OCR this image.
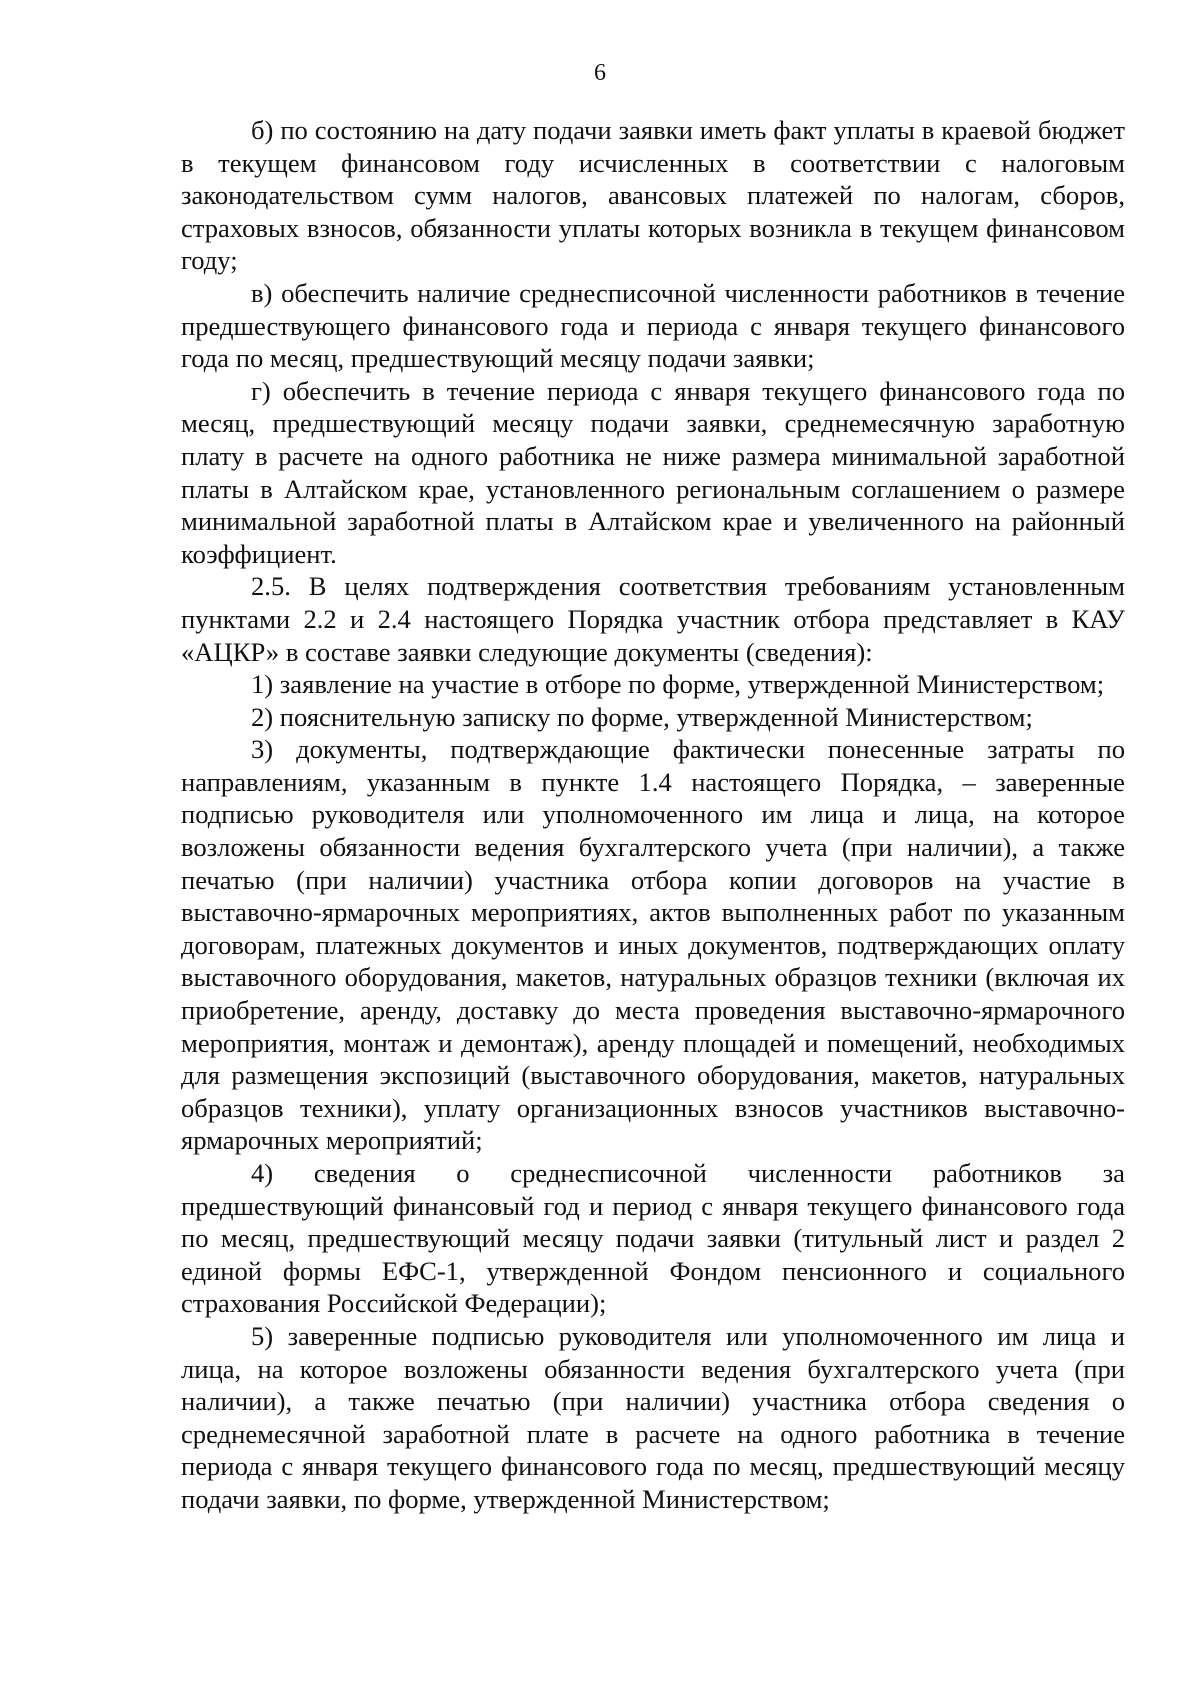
6

б) по состоянию на дату подачи заявки иметь факт уплаты в краевой бюджет в текущем финансовом году исчисленных в соответствии с налоговым законодательством сумм налогов, авансовых платежей по налогам, сборов, страховых взносов, обязанности уплаты которых возникла в текущем финансовом году;

в) обеспечить наличие среднесписочной численности работников в течение предшествующего финансового года и периода с января текущего финансового года по месяц, предшествующий месяцу подачи заявки;

г) обеспечить в течение периода с января текущего финансового года по месяц, предшествующий месяцу подачи заявки, среднемесячную заработную плату в расчете на одного работника не ниже размера минимальной заработной платы в Алтайском крае, установленного региональным соглашением о размере минимальной заработной платы в Алтайском крае и увеличенного на районный коэффициент.

2.5. В целях подтверждения соответствия требованиям установленным пунктами 2.2 и 2.4 настоящего Порядка участник отбора представляет в КАУ «АЦКР» в составе заявки следующие документы (сведения):

1) заявление на участие в отборе по форме, утвержденной Министерством;

2) пояснительную записку по форме, утвержденной Министерством;

3) документы, подтверждающие фактически понесенные затраты по направлениям, указанным в пункте 1.4 настоящего Порядка, – заверенные подписью руководителя или уполномоченного им лица и лица, на которое возложены обязанности ведения бухгалтерского учета (при наличии), а также печатью (при наличии) участника отбора копии договоров на участие в выставочно-ярмарочных мероприятиях, актов выполненных работ по указанным договорам, платежных документов и иных документов, подтверждающих оплату выставочного оборудования, макетов, натуральных образцов техники (включая их приобретение, аренду, доставку до места проведения выставочно-ярмарочного мероприятия, монтаж и демонтаж), аренду площадей и помещений, необходимых для размещения экспозиций (выставочного оборудования, макетов, натуральных образцов техники), уплату организационных взносов участников выставочно-ярмарочных мероприятий;

4) сведения о среднесписочной численности работников за предшествующий финансовый год и период с января текущего финансового года по месяц, предшествующий месяцу подачи заявки (титульный лист и раздел 2 единой формы ЕФС-1, утвержденной Фондом пенсионного и социального страхования Российской Федерации);

5) заверенные подписью руководителя или уполномоченного им лица и лица, на которое возложены обязанности ведения бухгалтерского учета (при наличии), а также печатью (при наличии) участника отбора сведения о среднемесячной заработной плате в расчете на одного работника в течение периода с января текущего финансового года по месяц, предшествующий месяцу подачи заявки, по форме, утвержденной Министерством;
